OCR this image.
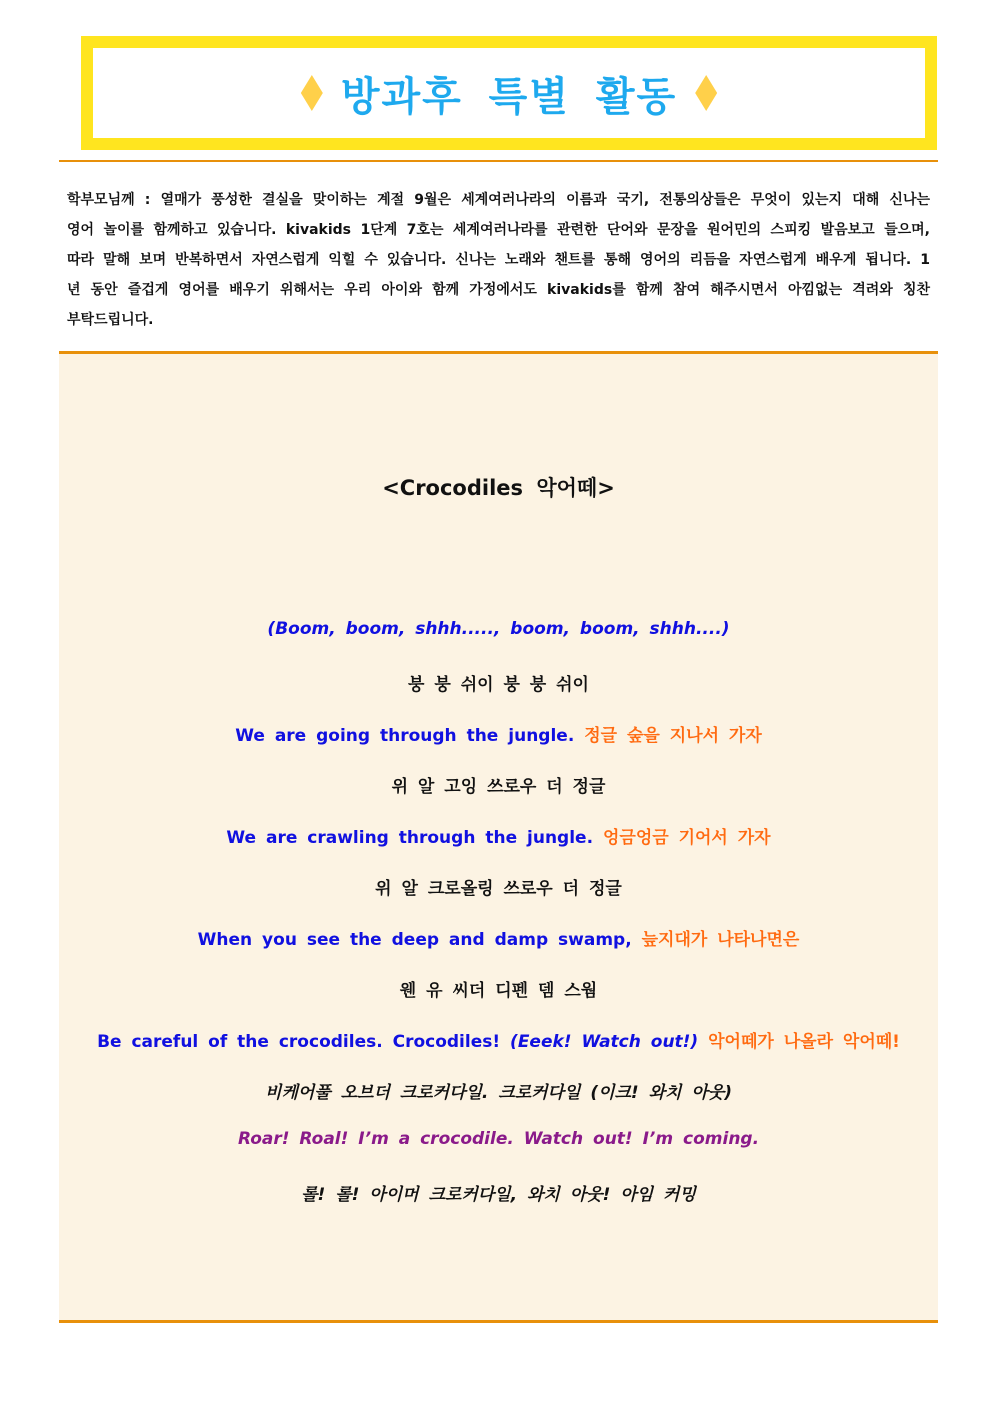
방과후 특별 활동
학부모님께 : 열매가 풍성한 결실을 맞이하는 계절 9월은 세계여러나라의 이름과 국기, 전통의상들은 무엇이 있는지 대해 신나는 영어 놀이를 함께하고 있습니다. kivakids 1단계 7호는 세계여러나라를 관련한 단어와 문장을 원어민의 스피킹 발음보고 들으며, 따라 말해 보며 반복하면서 자연스럽게 익힐 수 있습니다. 신나는 노래와 챈트를 통해 영어의 리듬을 자연스럽게 배우게 됩니다. 1년 동안 즐겁게 영어를 배우기 위해서는 우리 아이와 함께 가정에서도 kivakids를 함께 참여 해주시면서 아낌없는 격려와 칭찬 부탁드립니다.
<Crocodiles 악어떼>
(Boom, boom, shhh....., boom, boom, shhh....)
붕 붕 쉬이 붕 붕 쉬이
We are going through the jungle. 정글 숲을 지나서 가자
위 알 고잉 쓰로우 더 정글
We are crawling through the jungle. 엉금엉금 기어서 가자
위 알 크로올링 쓰로우 더 정글
When you see the deep and damp swamp, 늪지대가 나타나면은
웬 유 씨더 디펜 뎀 스웜
Be careful of the crocodiles. Crocodiles! (Eeek! Watch out!) 악어떼가 나올라 악어떼!
비케어풀 오브더 크로커다일. 크로커다일 (이크! 와치 아웃)
Roar! Roal! I’m a crocodile. Watch out! I’m coming.
롤! 롤! 아이머 크로커다일, 와치 아웃! 아임 커밍
